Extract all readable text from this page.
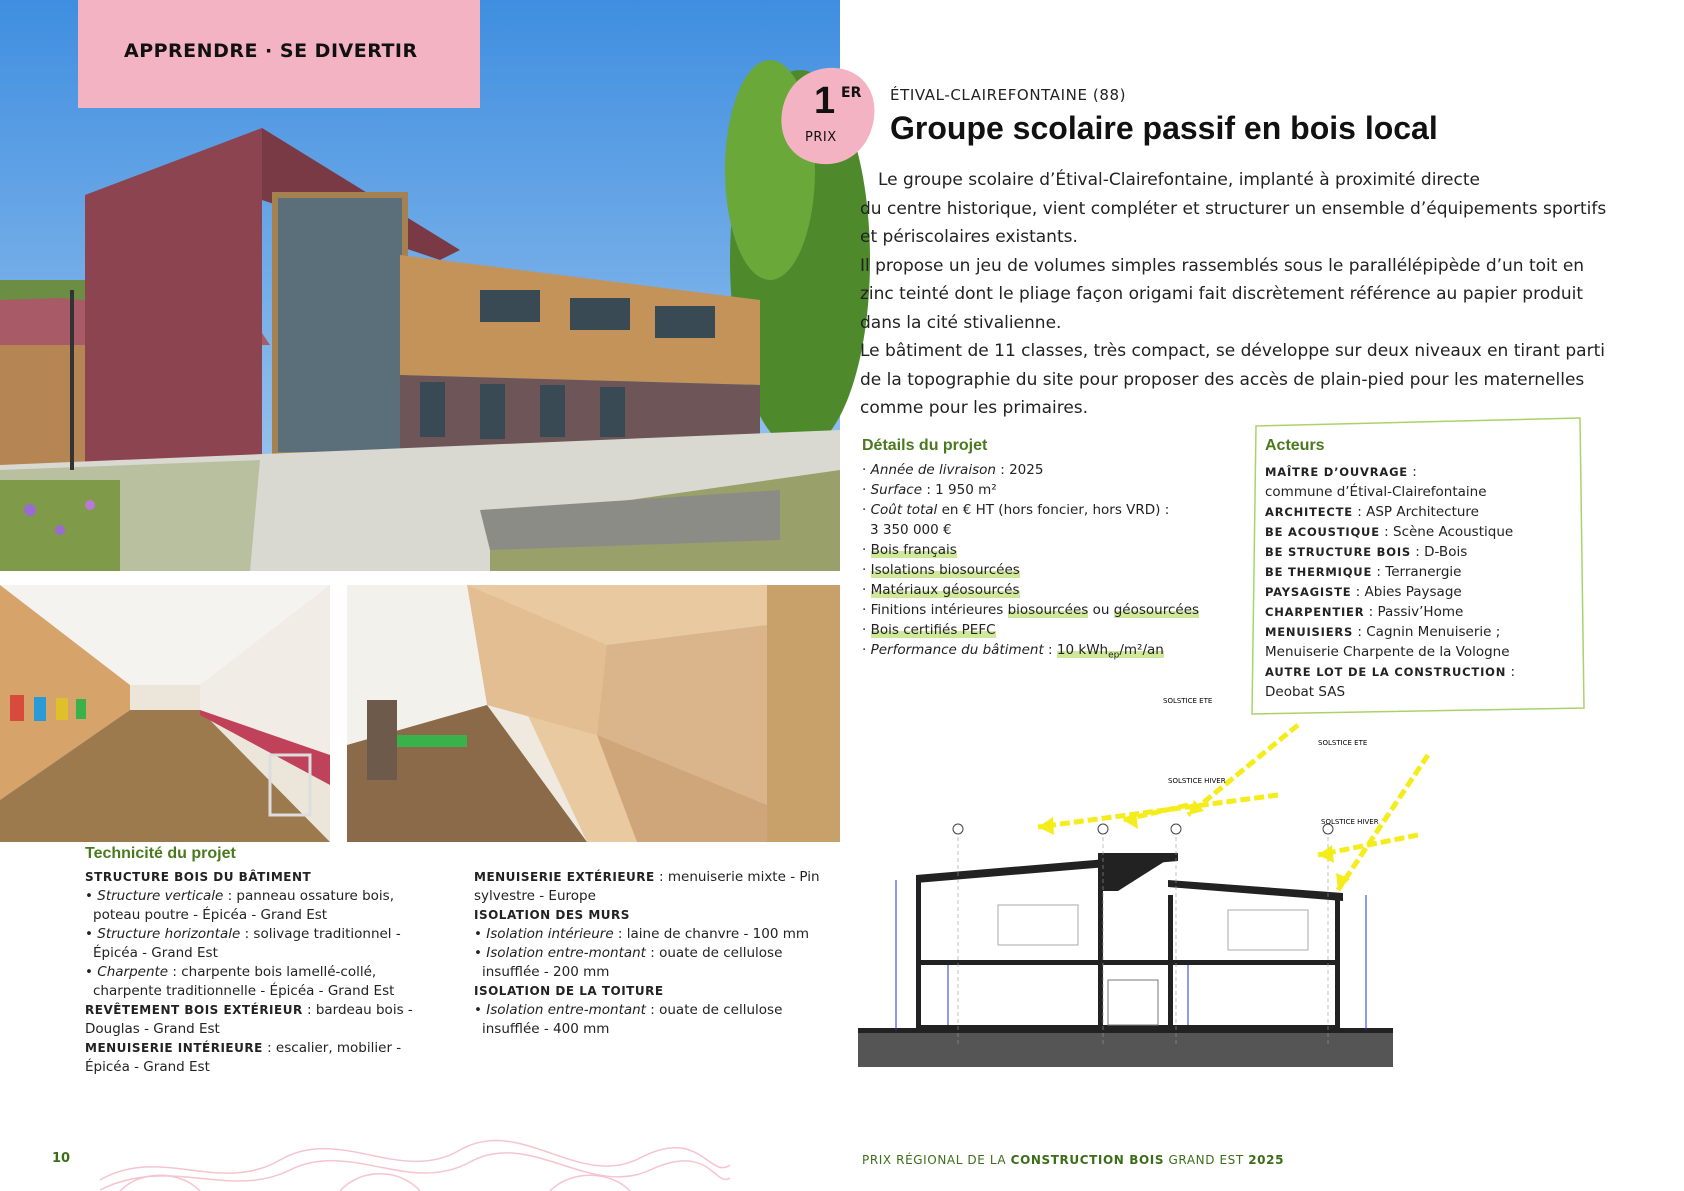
APPRENDRE · SE DIVERTIR
1 ER
PRIX
ÉTIVAL-CLAIREFONTAINE (88)
Groupe scolaire passif en bois local

Le groupe scolaire d’Étival-Clairefontaine, implanté à proximité directe

du centre historique, vient compléter et structurer un ensemble d’équipements sportifs et périscolaires existants.

Il propose un jeu de volumes simples rassemblés sous le parallélépipède d’un toit en zinc teinté dont le pliage façon origami fait discrètement référence au papier produit dans la cité stivalienne.

Le bâtiment de 11 classes, très compact, se développe sur deux niveaux en tirant parti de la topographie du site pour proposer des accès de plain-pied pour les maternelles comme pour les primaires.

Détails du projet
· Année de livraison : 2025
· Surface : 1 950 m²
· Coût total en € HT (hors foncier, hors VRD) :
3 350 000 €
· Bois français
· Isolations biosourcées
· Matériaux géosourcés
· Finitions intérieures biosourcées ou géosourcées
· Bois certifiés PEFC
· Performance du bâtiment : 10 kWh$_{ep}$/m²/an
Acteurs
MAÎTRE D’OUVRAGE :
commune d’Étival-Clairefontaine
ARCHITECTE : ASP Architecture
BE ACOUSTIQUE : Scène Acoustique
BE STRUCTURE BOIS : D-Bois
BE THERMIQUE : Terranergie
PAYSAGISTE : Abies Paysage
CHARPENTIER : Passiv’Home
MENUISIERS : Cagnin Menuiserie ;
Menuiserie Charpente de la Vologne
AUTRE LOT DE LA CONSTRUCTION :
Deobat SAS
Technicité du projet
STRUCTURE BOIS DU BÂTIMENT
• Structure verticale : panneau ossature bois,
poteau poutre - Épicéa - Grand Est
• Structure horizontale : solivage traditionnel -
Épicéa - Grand Est
• Charpente : charpente bois lamellé-collé,
charpente traditionnelle - Épicéa - Grand Est
REVÊTEMENT BOIS EXTÉRIEUR : bardeau bois -
Douglas - Grand Est
MENUISERIE INTÉRIEURE : escalier, mobilier -
Épicéa - Grand Est
MENUISERIE EXTÉRIEURE : menuiserie mixte - Pin
sylvestre - Europe
ISOLATION DES MURS
• Isolation intérieure : laine de chanvre - 100 mm
• Isolation entre-montant : ouate de cellulose
insufflée - 200 mm
ISOLATION DE LA TOITURE
• Isolation entre-montant : ouate de cellulose
insufflée - 400 mm
SOLSTICE ETE
SOLSTICE ETE
SOLSTICE HIVER
SOLSTICE HIVER
10	PRIX RÉGIONAL DE LA CONSTRUCTION BOIS GRAND EST 2025
